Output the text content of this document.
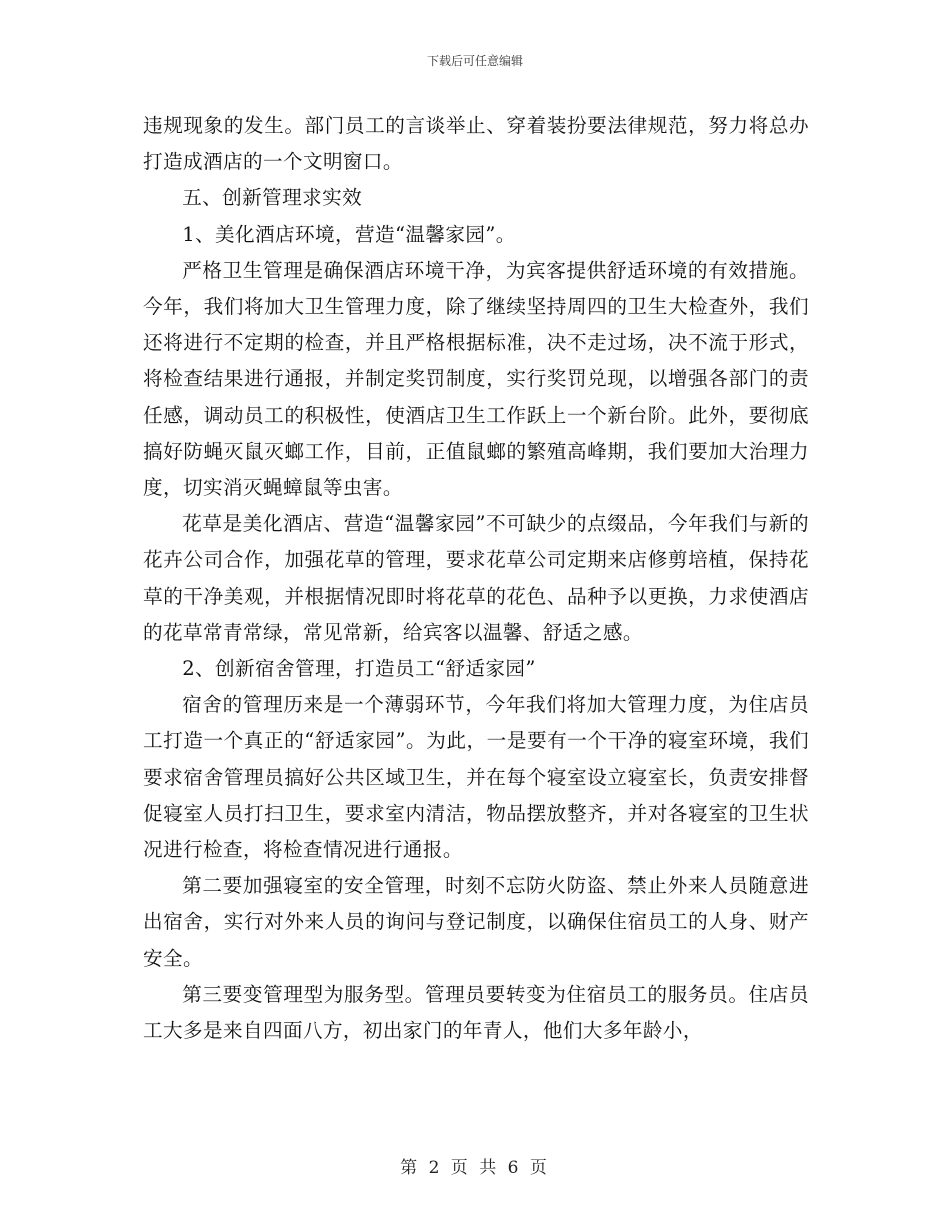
下载后可任意编辑

违规现象的发生。部门员工的言谈举止、穿着装扮要法律规范，努力将总办打造成酒店的一个文明窗口。

五、创新管理求实效

1、美化酒店环境，营造“温馨家园”。

严格卫生管理是确保酒店环境干净，为宾客提供舒适环境的有效措施。今年，我们将加大卫生管理力度，除了继续坚持周四的卫生大检查外，我们还将进行不定期的检查，并且严格根据标准，决不走过场，决不流于形式，将检查结果进行通报，并制定奖罚制度，实行奖罚兑现，以增强各部门的责任感，调动员工的积极性，使酒店卫生工作跃上一个新台阶。此外，要彻底搞好防蝇灭鼠灭螂工作，目前，正值鼠螂的繁殖高峰期，我们要加大治理力度，切实消灭蝇蟑鼠等虫害。

花草是美化酒店、营造“温馨家园”不可缺少的点缀品，今年我们与新的花卉公司合作，加强花草的管理，要求花草公司定期来店修剪培植，保持花草的干净美观，并根据情况即时将花草的花色、品种予以更换，力求使酒店的花草常青常绿，常见常新，给宾客以温馨、舒适之感。

2、创新宿舍管理，打造员工“舒适家园”

宿舍的管理历来是一个薄弱环节，今年我们将加大管理力度，为住店员工打造一个真正的“舒适家园”。为此，一是要有一个干净的寝室环境，我们要求宿舍管理员搞好公共区域卫生，并在每个寝室设立寝室长，负责安排督促寝室人员打扫卫生，要求室内清洁，物品摆放整齐，并对各寝室的卫生状况进行检查，将检查情况进行通报。

第二要加强寝室的安全管理，时刻不忘防火防盗、禁止外来人员随意进出宿舍，实行对外来人员的询问与登记制度，以确保住宿员工的人身、财产安全。

第三要变管理型为服务型。管理员要转变为住宿员工的服务员。住店员工大多是来自四面八方，初出家门的年青人，他们大多年龄小，

第 2 页 共 6 页
